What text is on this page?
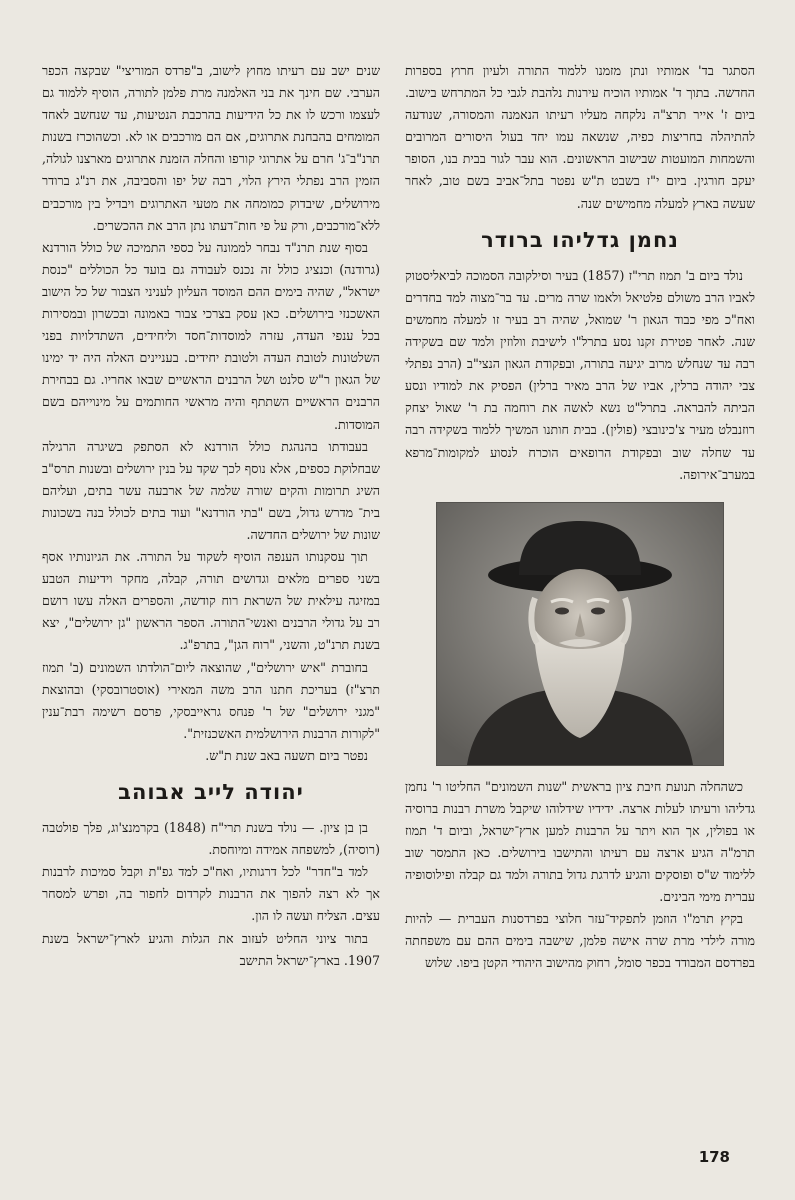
הסתגר בד' אמותיו ונתן מזמנו ללמוד התורה ולעיון חרוץ בספרות החדשה. בתוך ד' אמותיו הוכיח עירנות נלהבת לגבי כל המתרחש בישוב. ביום ז' אייר תרצ"ה נלקחה מעליו רעיתו הנאמנה והמסורה, שנודעה להתיהלה בחריצות כפיה, שנשאה עמו יחד בעול היסורים המרובים והשמחות המועטות שבישוב הראשונים. הוא עבר לגור בבית בנו, הסופר יעקב חורגין. ביום י"ז בשבט ת"ש נפטר בתל־אביב בשם טוב, לאחר שעשה בארץ למעלה מחמישים שנה.

נחמן גדליהו ברודר

נולד ביום ב' תמוז תרי"ז (1857) בעיר וסילקובה הסמוכה לביאליסטוק לאביו הרב משולם פלטיאל ולאמו שרה מרים. עד בר־מצוה למד בחדרים ואח"כ מפי כבוד הגאון ר' שמואל, שהיה רב בעיר זו למעלה מחמשים שנה. לאחר פטירת זקנו נסע בתרל"ו לישיבת וולוזין ולמד שם בשקידה רבה עד שנחלש מרוב יגיעה בתורה, ובפקודת הגאון הנצי"ב (הרב נפתלי צבי יהודה ברלין, אביו של הרב מאיר ברלין) הפסיק את למודיו ונסע הביתה להבראה. בתרל"ט נשא לאשה את רוחמה בת ר' שאול יצחק רוזנבלט מעיר צ'כינובצי (פולין). בבית חותנו המשיך ללמוד בשקידה רבה עד שחלה שוב ובפקודת הרופאים הוכרח לנסוע למקומות־מרפא במערב־אירופה.

כשהחלה תנועת חיבת ציון בראשית "שנות השמונים" החליטו ר' נחמן גדליהו ורעיתו לעלות ארצה. ידידיו שידלוהו שיקבל משרת רבנות ברוסיה או בפולין, אך הוא ויתר על הרבנות למען ארץ־ישראל, וביום ד' תמוז תרמ"ה הגיע ארצה עם רעיתו והתישבו בירושלים. כאן התמסר שוב ללימוד ש"ס ופוסקים והגיע לדרגת גדול בתורה ולמד גם קבלה ופילוסופיה עברית מימי הבינים.

בקיץ תרמ"ו הוזמן לתפקיד־עזר חלוצי בפרדסנות העברית — להיות מורה לילדי מרת שרה אישה פלמן, שישבה בימים ההם עם משפחתה בפרדסם המבודד בכפר סומל, רחוק מהישוב היהודי הקטן ביפו. שלוש

שנים ישב עם רעיתו מחוץ לישוב, ב"פרדס המוריצי" שבקצה הכפר הערבי. שם חינך את בני האלמנה מרת פלמן לתורה, הוסיף ללמוד גם לעצמו ורכש לו את כל הידיעות בהרכבת הנטיעות, עד שנחשב לאחד המומחים בהבחנת אתרוגים, אם הם מורכבים או לא. וכשהוכרז בשנות תרנ"ב־ג' חרם על אתרוגי קורפו והחלה הזמנת אתרוגים מארצנו לגולה, הזמין הרב נפתלי הירץ הלוי, רבה של יפו והסביבה, את רנ"ג ברודר מירושלים, שיבדוק כמומחה את מטעי האתרוגים ויבדיל בין מורכבים ללא־מורכבים, ורק על פי חות־דעתו נתן הרב את ההכשרים.

בסוף שנת תרנ"ד נבחר לממונה על כספי התמיכה של כולל הורדנא (גרודנה) וכנציג כולל זה נכנס לעבודה גם בועד כל הכוללים "כנסת ישראל", שהיה בימים ההם המוסד העליון לעניני הצבור של כל הישוב האשכנזי בירושלים. כאן עסק בצרכי צבור באמונה ובכשרון ובמסירות בכל ענפי העדה, עזרה למוסדות־חסד וליחידים, השתדלויות בפני השלטונות לטובת העדה ולטובת יחידים. בעניינים האלה היה יד ימינו של הגאון ר"ש סלנט ושל הרבנים הראשיים שבאו אחריו. גם בבחירת הרבנים הראשיים השתתף והיה מראשי החותמים על מינוייהם בשם המוסדות.

בעבודתו בהנהגת כולל הורדנא לא הסתפק בשיגרה הרגילה שבחלוקת כספים, אלא נוסף לכך שקד על בנין ירושלים ובשנות תרס"ב השיג תרומות והקים שורה שלמה של ארבעה עשר בתים, ועליהם בית־ מדרש גדול, בשם "בתי הורדנא" ועוד בתים לכולל בנה בשכונות שונות של ירושלים החדשה.

תוך עסקנותו הענפה הוסיף לשקוד על התורה. את הגיונותיו אסף בשני ספרים מלאים וגדושים תורה, קבלה, מחקר וידיעות הטבע במזיגה עילאית של השראת רוח קודשה, והספרים האלה עשו רושם רב על גדולי הרבנים ואנשי־התורה. הספר הראשון "גן ירושלים", יצא בשנת תרנ"ט, והשני, "רוח הגן", בתרפ"ג.

בחוברת "איש ירושלים", שהוצאה ליום־הולדתו השמונים (ב' תמוז תרצ"ז) בעריכת חתנו הרב משה המאירי (אוסטרובסקי) ובהוצאת "מגני ירושלים" של ר' פנחס גראייבסקי, פרסם רשימה רבת־ענין "לקורות הרבנות הירושלמית האשכנזית".

נפטר ביום תשעה באב שנת ת"ש.

יהודה לייב אבוהב

בן בן ציון. — נולד בשנת תרי"ח (1848) בקרמנצ'וג, פלך פולטבה (רוסיה), למשפחה אמידה ומיוחסת.

למד ב"חדר" לכל דרגותיו, ואח"כ למד גפ"ת וקבל סמיכות לרבנות אך לא רצה להפוך את הרבנות לקרדום לחפור בה, ופרש למסחר עצים. הצליח ועשה לו הון.

בתור ציוני החליט לעזוב את הגלות והגיע לארץ־ישראל בשנת 1907. בארץ־ישראל התישב

178
